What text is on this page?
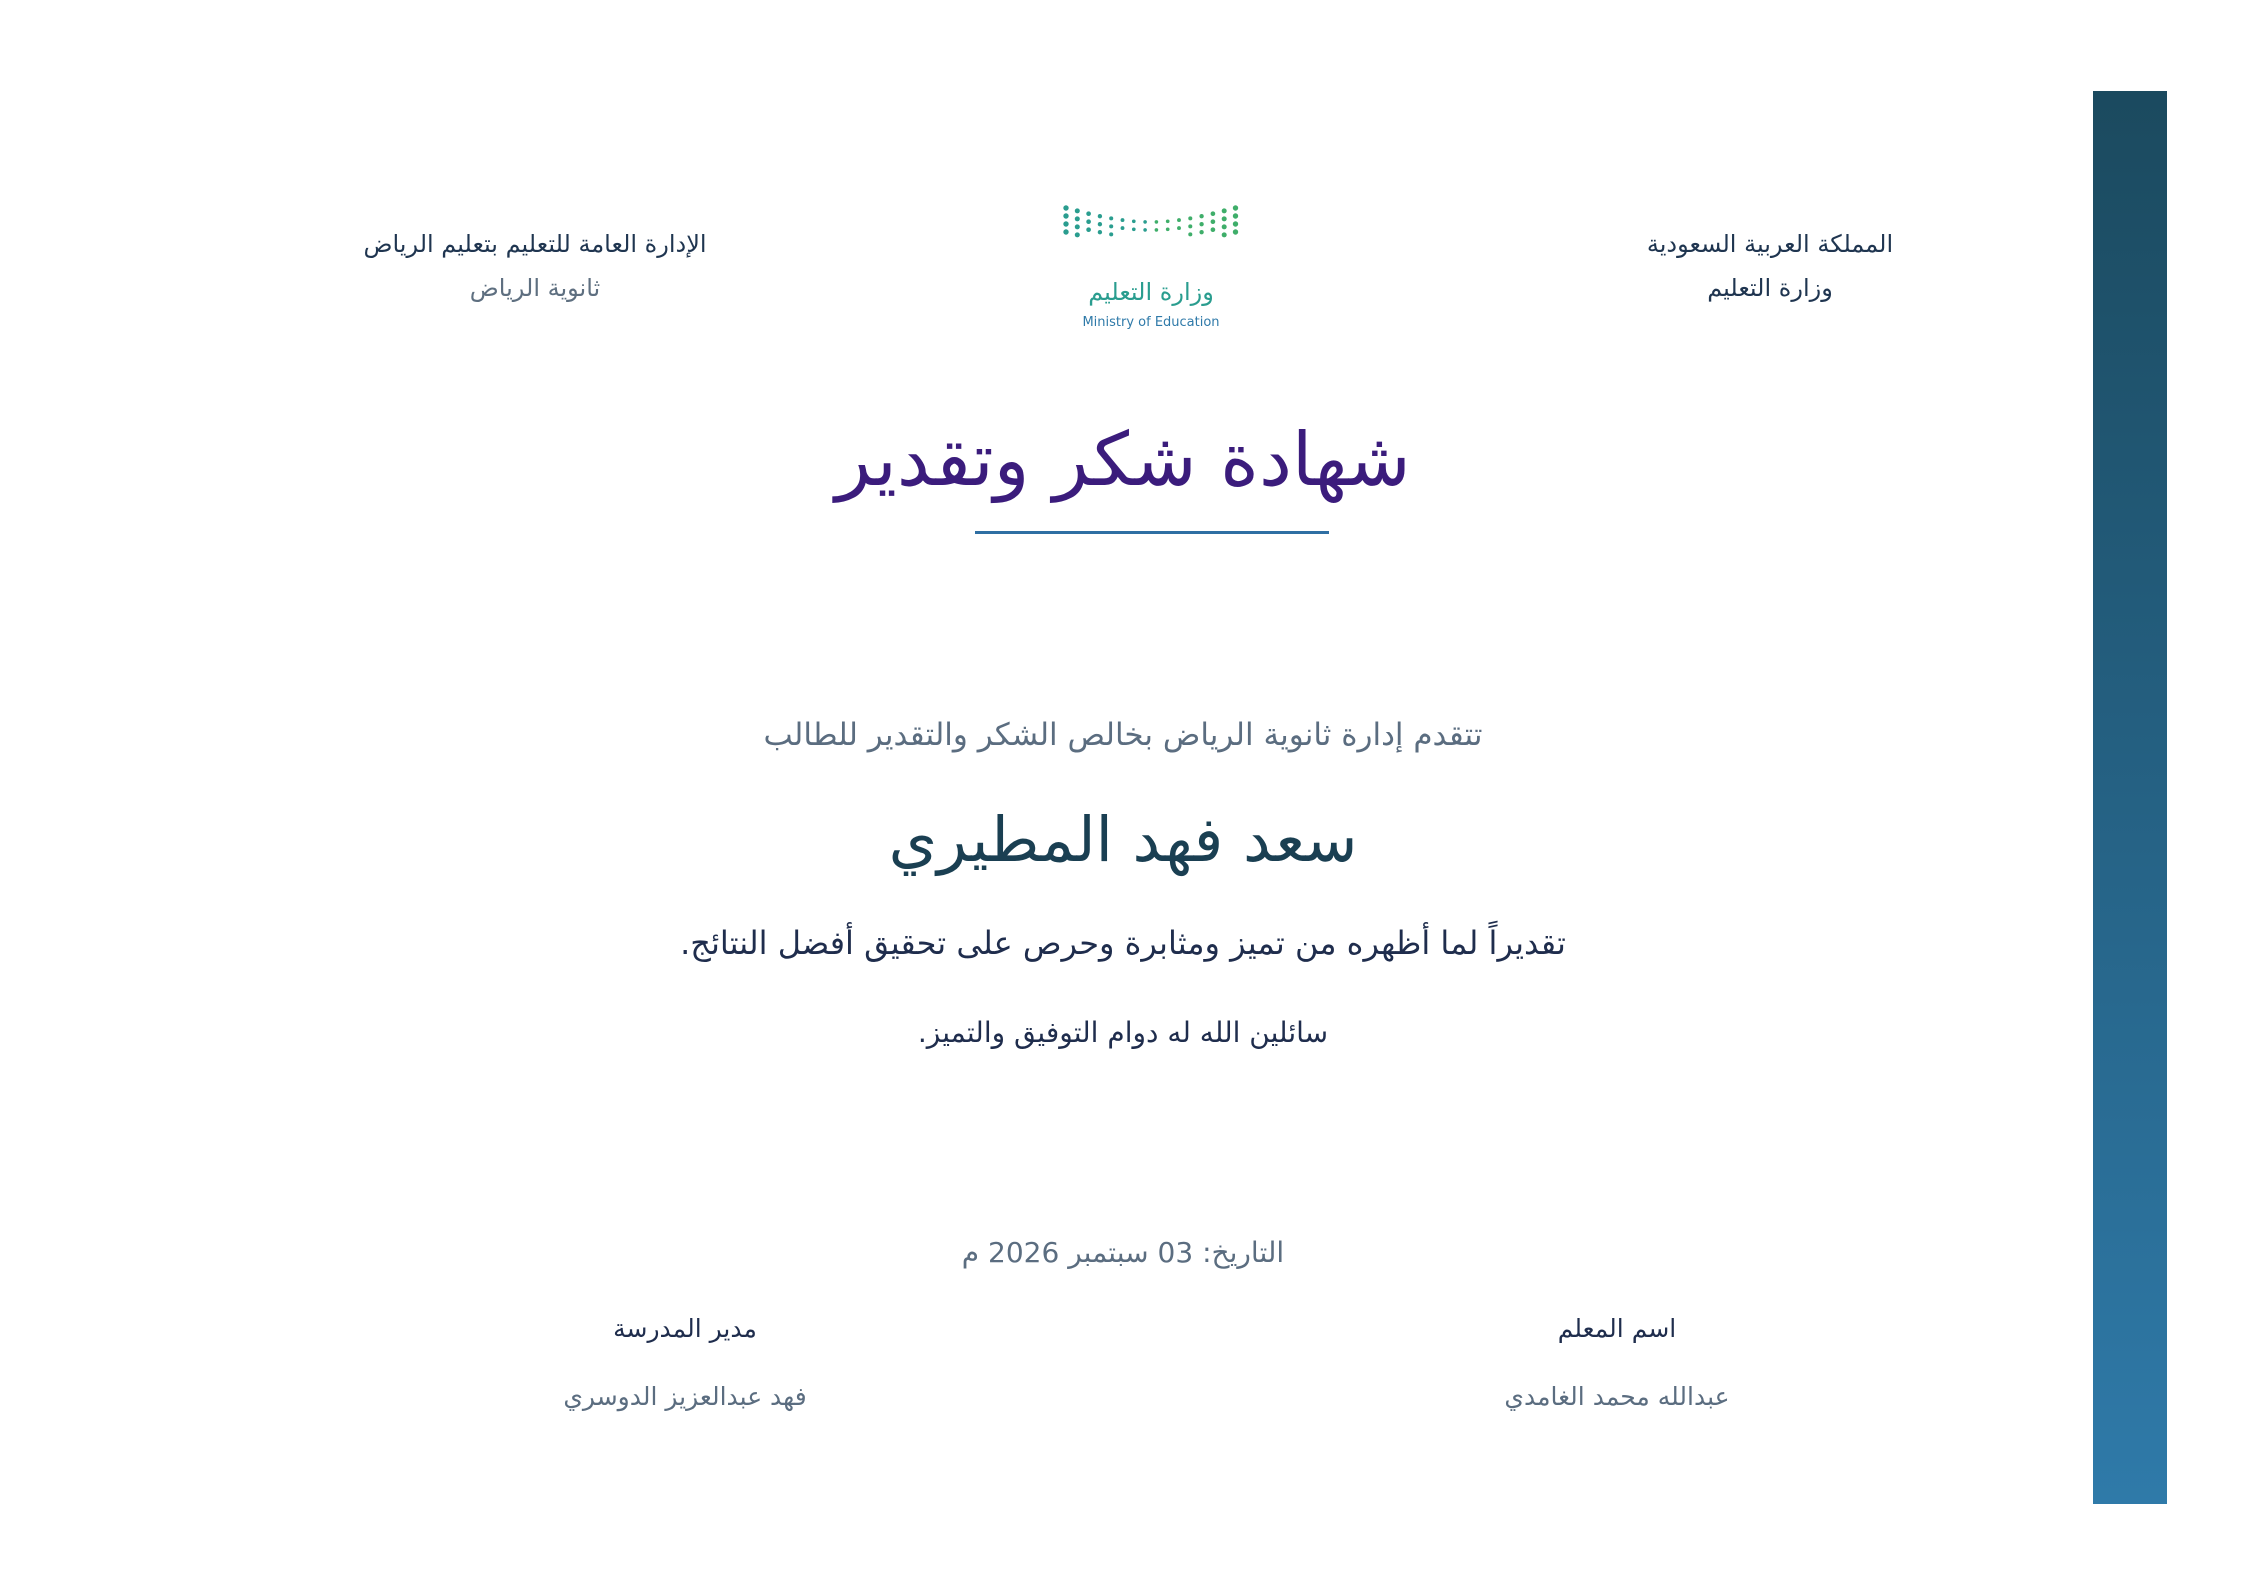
المملكة العربية السعودية
وزارة التعليم
وزارة التعليم
Ministry of Education
الإدارة العامة للتعليم بتعليم الرياض
ثانوية الرياض
شهادة شكر وتقدير
تتقدم إدارة ثانوية الرياض بخالص الشكر والتقدير للطالب
سعد فهد المطيري
تقديراً لما أظهره من تميز ومثابرة وحرص على تحقيق أفضل النتائج.
سائلين الله له دوام التوفيق والتميز.
التاريخ: 03 سبتمبر 2026 م
اسم المعلم
عبدالله محمد الغامدي
مدير المدرسة
فهد عبدالعزيز الدوسري
